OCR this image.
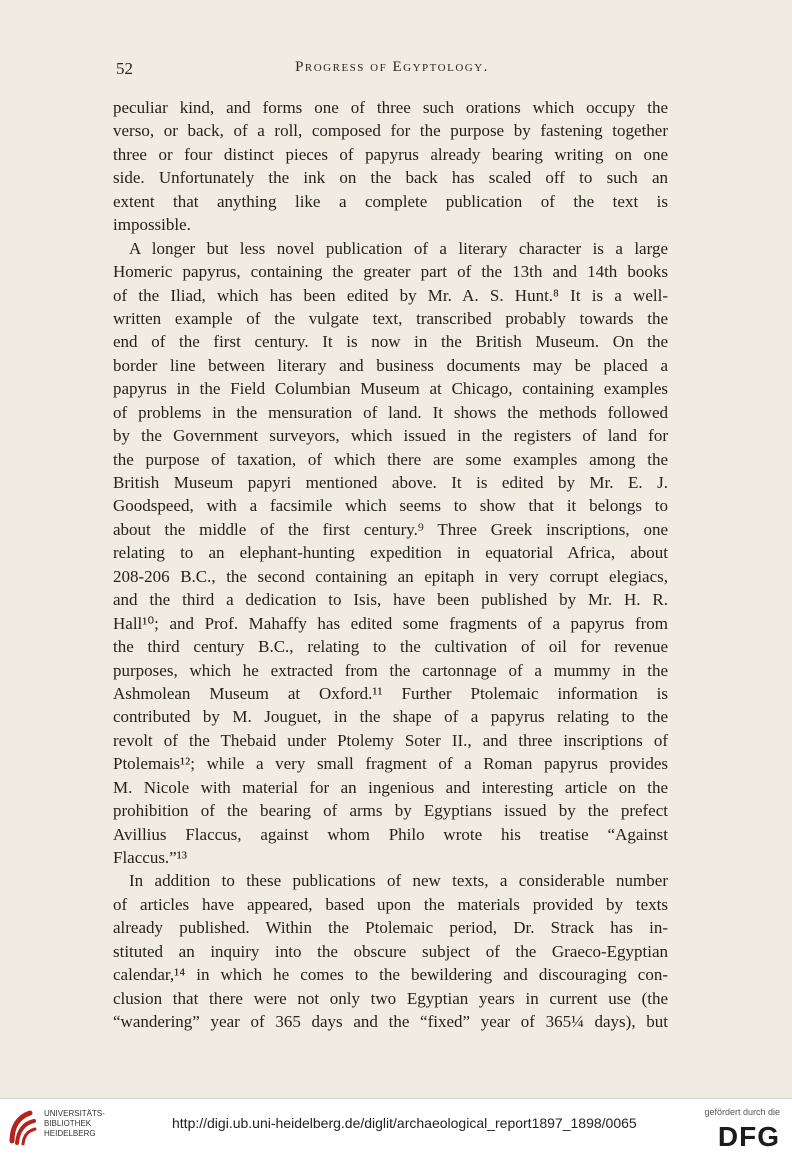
52	Progress of Egyptology.
peculiar kind, and forms one of three such orations which occupy the
verso, or back, of a roll, composed for the purpose by fastening together
three or four distinct pieces of papyrus already bearing writing on one
side. Unfortunately the ink on the back has scaled off to such an
extent that anything like a complete publication of the text is
impossible.
A longer but less novel publication of a literary character is a large
Homeric papyrus, containing the greater part of the 13th and 14th books
of the Iliad, which has been edited by Mr. A. S. Hunt.⁸ It is a well-
written example of the vulgate text, transcribed probably towards the
end of the first century. It is now in the British Museum. On the
border line between literary and business documents may be placed a
papyrus in the Field Columbian Museum at Chicago, containing examples
of problems in the mensuration of land. It shows the methods followed
by the Government surveyors, which issued in the registers of land for
the purpose of taxation, of which there are some examples among the
British Museum papyri mentioned above. It is edited by Mr. E. J.
Goodspeed, with a facsimile which seems to show that it belongs to
about the middle of the first century.⁹ Three Greek inscriptions, one
relating to an elephant-hunting expedition in equatorial Africa, about
208-206 B.C., the second containing an epitaph in very corrupt elegiacs,
and the third a dedication to Isis, have been published by Mr. H. R.
Hall¹⁰; and Prof. Mahaffy has edited some fragments of a papyrus from
the third century B.C., relating to the cultivation of oil for revenue
purposes, which he extracted from the cartonnage of a mummy in the
Ashmolean Museum at Oxford.¹¹ Further Ptolemaic information is
contributed by M. Jouguet, in the shape of a papyrus relating to the
revolt of the Thebaid under Ptolemy Soter II., and three inscriptions of
Ptolemais¹²; while a very small fragment of a Roman papyrus provides
M. Nicole with material for an ingenious and interesting article on the
prohibition of the bearing of arms by Egyptians issued by the prefect
Avillius Flaccus, against whom Philo wrote his treatise “Against
Flaccus.”¹³
In addition to these publications of new texts, a considerable number
of articles have appeared, based upon the materials provided by texts
already published. Within the Ptolemaic period, Dr. Strack has in-
stituted an inquiry into the obscure subject of the Graeco-Egyptian
calendar,¹⁴ in which he comes to the bewildering and discouraging con-
clusion that there were not only two Egyptian years in current use (the
“wandering” year of 365 days and the “fixed” year of 365¼ days), but
UNIVERSITÄTS-
BIBLIOTHEK
HEIDELBERG
http://digi.ub.uni-heidelberg.de/diglit/archaeological_report1897_1898/0065
gefördert durch die
DFG
